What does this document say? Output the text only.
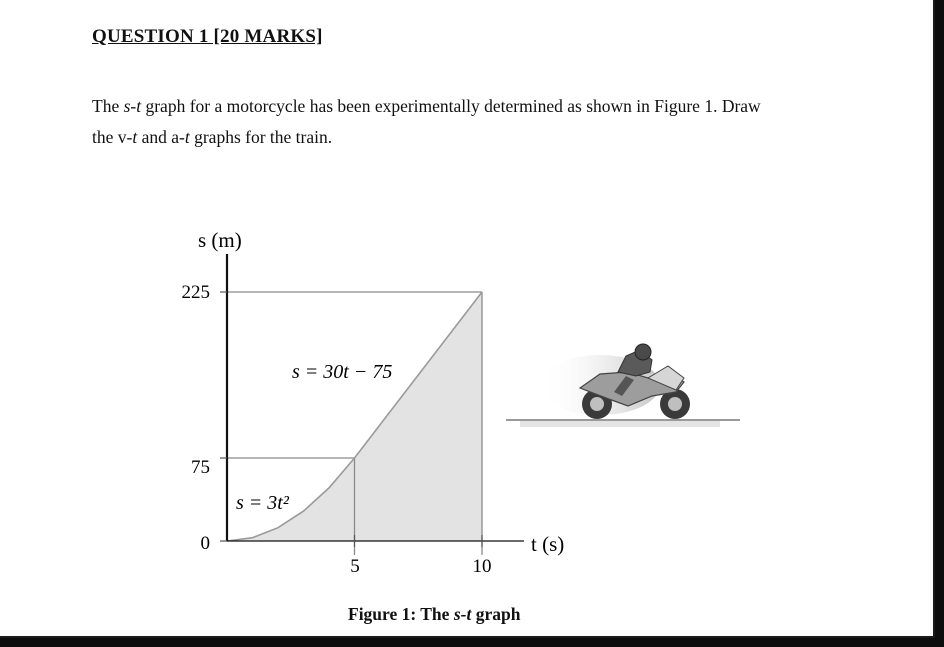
QUESTION 1 [20 MARKS]
The s-t graph for a motorcycle has been experimentally determined as shown in Figure 1. Draw
the v-t and a-t graphs for the train.
s (m)
t (s)
225
75
0
5	10
s = 30t − 75
s = 3t²
Figure 1: The s-t graph
